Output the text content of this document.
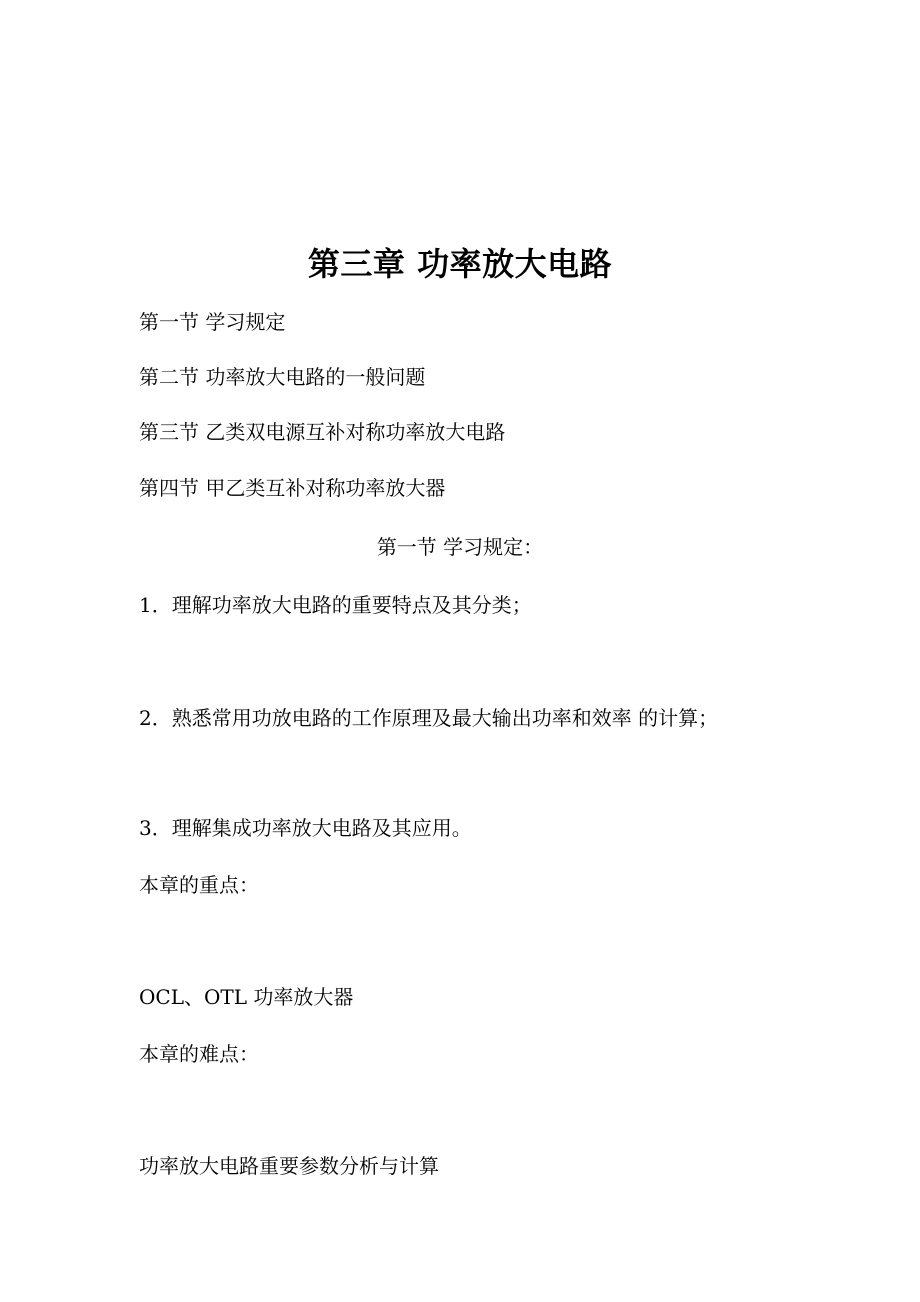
第三章 功率放大电路
第一节 学习规定
第二节 功率放大电路的一般问题
第三节 乙类双电源互补对称功率放大电路
第四节 甲乙类互补对称功率放大器
第一节 学习规定：
1．理解功率放大电路的重要特点及其分类；
2．熟悉常用功放电路的工作原理及最大输出功率和效率 的计算；
3．理解集成功率放大电路及其应用。
本章的重点：
OCL、OTL 功率放大器
本章的难点：
功率放大电路重要参数分析与计算
